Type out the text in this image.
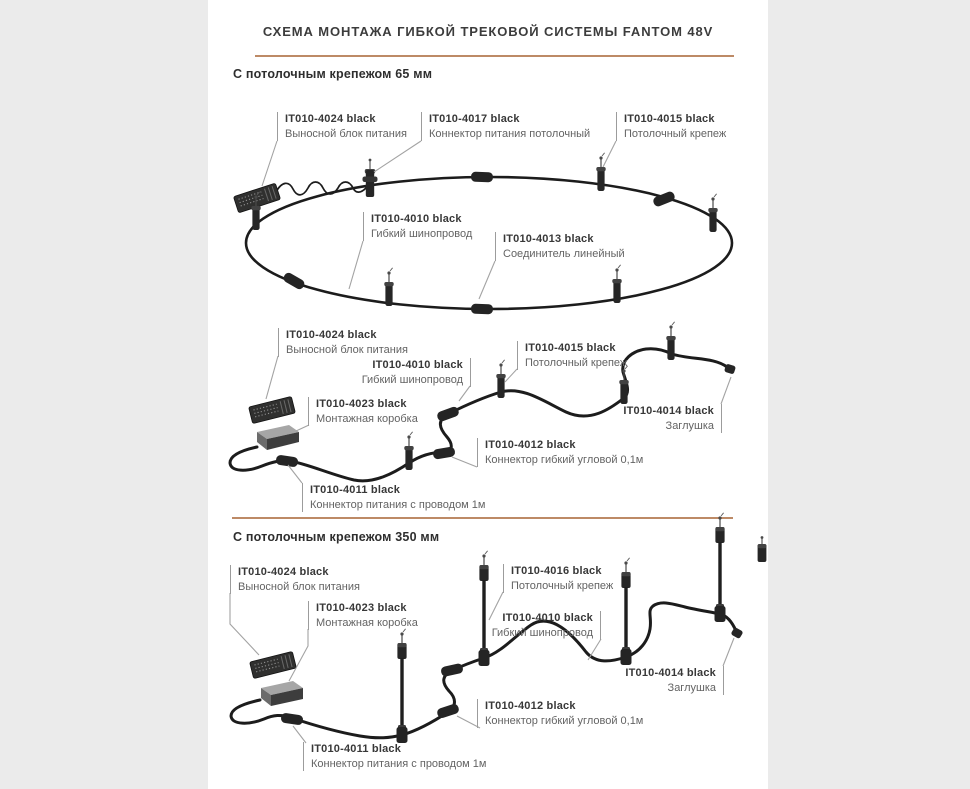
СХЕМА МОНТАЖА ГИБКОЙ ТРЕКОВОЙ СИСТЕМЫ FANTOM 48V
С потолочным крепежом 65 мм
С потолочным крепежом 350 мм
IT010-4024 black
Выносной блок питания
IT010-4017 black
Коннектор питания потолочный
IT010-4015 black
Потолочный крепеж
IT010-4010 black
Гибкий шинопровод	IT010-4013 black
Соединитель линейный
IT010-4024 black
Выносной блок питания
IT010-4010 black
Гибкий шинопровод
IT010-4015 black
Потолочный крепеж
IT010-4023 black
Монтажная коробка
IT010-4014 black
Заглушка
IT010-4012 black
Коннектор гибкий угловой 0,1м
IT010-4011 black
Коннектор питания с проводом 1м
IT010-4024 black
Выносной блок питания
IT010-4023 black
Монтажная коробка
IT010-4016 black
Потолочный крепеж
IT010-4010 black
Гибкий шинопровод
IT010-4014 black
Заглушка
IT010-4012 black
Коннектор гибкий угловой 0,1м
IT010-4011 black
Коннектор питания с проводом 1м
